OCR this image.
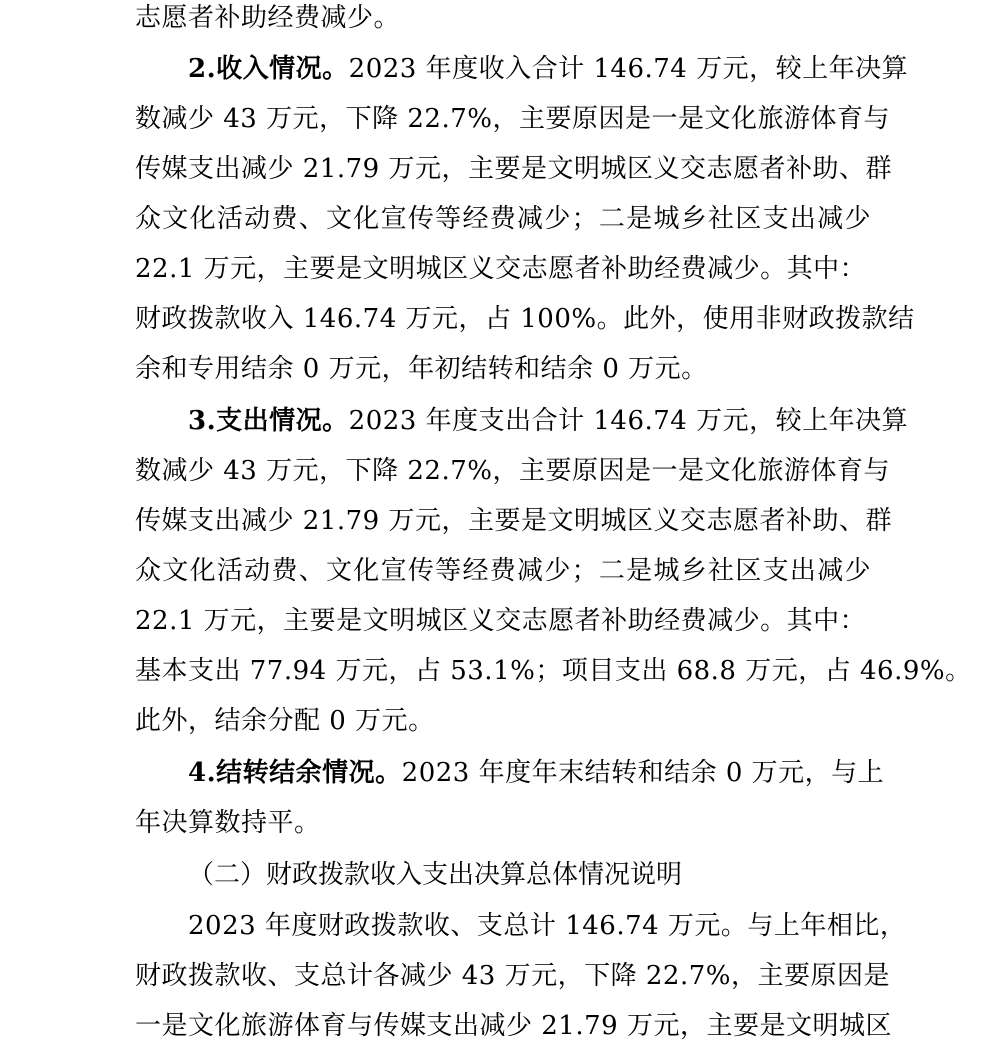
志愿者补助经费减少。
2.收入情况。2023 年度收入合计 146.74 万元，较上年决算
数减少 43 万元，下降 22.7%，主要原因是一是文化旅游体育与
传媒支出减少 21.79 万元，主要是文明城区义交志愿者补助、群
众文化活动费、文化宣传等经费减少；二是城乡社区支出减少
22.1 万元，主要是文明城区义交志愿者补助经费减少。其中：
财政拨款收入 146.74 万元，占 100%。此外，使用非财政拨款结
余和专用结余 0 万元，年初结转和结余 0 万元。
3.支出情况。2023 年度支出合计 146.74 万元，较上年决算
数减少 43 万元，下降 22.7%，主要原因是一是文化旅游体育与
传媒支出减少 21.79 万元，主要是文明城区义交志愿者补助、群
众文化活动费、文化宣传等经费减少；二是城乡社区支出减少
22.1 万元，主要是文明城区义交志愿者补助经费减少。其中：
基本支出 77.94 万元，占 53.1%；项目支出 68.8 万元，占 46.9%。
此外，结余分配 0 万元。
4.结转结余情况。2023 年度年末结转和结余 0 万元，与上
年决算数持平。
（二）财政拨款收入支出决算总体情况说明
2023 年度财政拨款收、支总计 146.74 万元。与上年相比，
财政拨款收、支总计各减少 43 万元，下降 22.7%，主要原因是
一是文化旅游体育与传媒支出减少 21.79 万元，主要是文明城区
